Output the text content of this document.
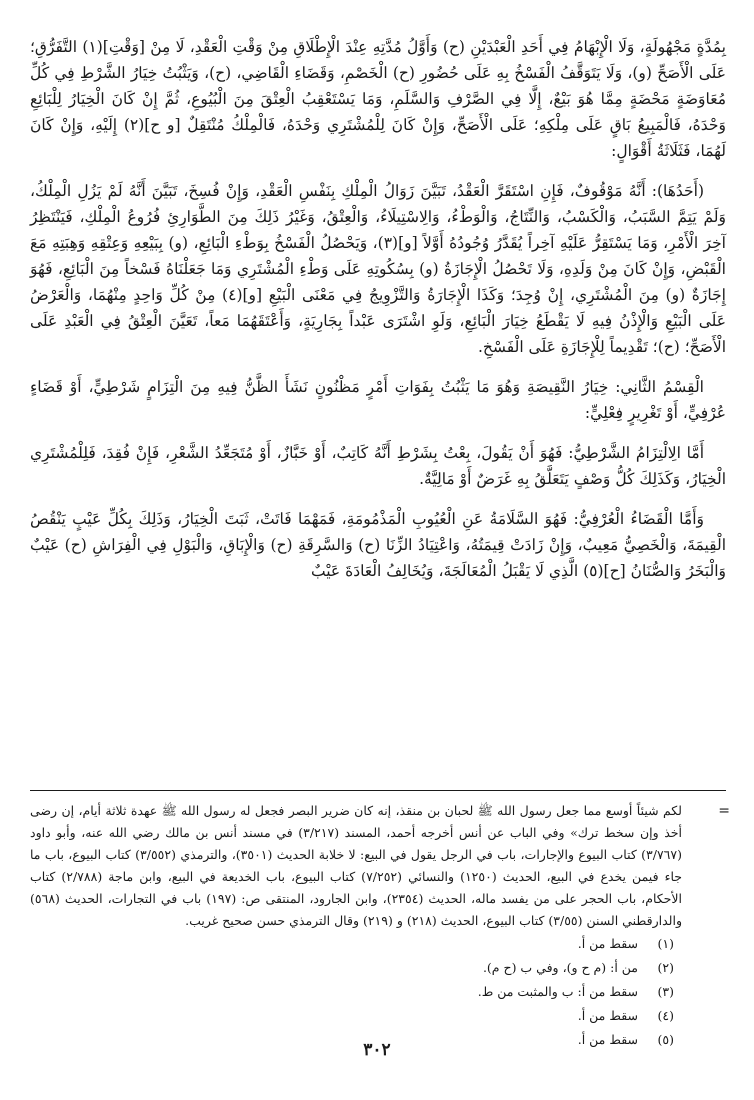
بِمُدَّةٍ مَجْهُولَةٍ، وَلَا الْإِبْهَامُ فِي أَحَدِ الْعَبْدَيْنِ (ح) وَأَوَّلُ مُدَّتِهِ عِنْدَ الْإِطْلَاقِ مِنْ وَقْتِ الْعَقْدِ، لَا مِنْ [وَقْتِ](١) التَّفَرُّقِ؛ عَلَى الْأَصَحِّ (و)، وَلَا يَتَوَقَّفُ الْفَسْخُ بِهِ عَلَى حُضُورِ (ح) الْخَصْمِ، وَقَضَاءِ الْقَاضِي، (ح)، وَيَثْبُتُ خِيَارُ الشَّرْطِ فِي كُلِّ مُعَاوَضَةٍ مَحْضَةٍ مِمَّا هُوَ بَيْعٌ، إِلَّا فِي الصَّرْفِ وَالسَّلَمِ، وَمَا يَسْتَعْقِبُ الْعِتْقَ مِنَ الْبُيُوعِ، ثُمَّ إِنْ كَانَ الْخِيَارُ لِلْبَائِعِ وَحْدَهُ، فَالْمَبِيعُ بَاقٍ عَلَى مِلْكِهِ؛ عَلَى الْأَصَحِّ، وَإِنْ كَانَ لِلْمُشْتَرِي وَحْدَهُ، فَالْمِلْكُ مُنْتَقِلٌ [و ح](٢) إِلَيْهِ، وَإِنْ كَانَ لَهُمَا، فَثَلَاثَةُ أَقْوَالٍ:

(أَحَدُهَا): أَنَّهُ مَوْقُوفٌ، فَإِنِ اسْتَقَرَّ الْعَقْدُ، تَبَيَّنَ زَوَالُ الْمِلْكِ بِنَفْسِ الْعَقْدِ، وَإِنْ فُسِخَ، تَبَيَّنَ أَنَّهُ لَمْ يَزُلِ الْمِلْكُ، وَلَمْ يَتِمَّ السَّبَبُ، وَالْكَسْبُ، وَالنِّتَاجُ، وَالْوَطْءُ، وَالِاسْتِيلَاءُ، وَالْعِتْقُ، وَغَيْرُ ذَلِكَ مِنَ الطَّوَارِئِ فُرُوعُ الْمِلْكِ، فَيَنْتَظِرُ آخِرَ الْأَمْرِ، وَمَا يَسْتَقِرُّ عَلَيْهِ آخِراً يُقَدَّرُ وُجُودُهُ أَوَّلاً [و](٣)، وَيَحْصُلُ الْفَسْخُ بِوَطْءِ الْبَائِعِ، (و) بِبَيْعِهِ وَعِتْقِهِ وَهِبَتِهِ مَعَ الْقَبْضِ، وَإِنْ كَانَ مِنْ وَلَدِهِ، وَلَا تَحْصُلُ الْإِجَازَةُ (و) بِسُكُوتِهِ عَلَى وَطْءِ الْمُشْتَرِي وَمَا جَعَلْنَاهُ فَسْخاً مِنَ الْبَائِعِ، فَهُوَ إِجَازَةٌ (و) مِنَ الْمُشْتَرِي، إِنْ وُجِدَ؛ وَكَذَا الْإِجَارَةُ وَالتَّزْوِيجُ فِي مَعْنَى الْبَيْعِ [و](٤) مِنْ كُلِّ وَاحِدٍ مِنْهُمَا، وَالْعَرْضُ عَلَى الْبَيْعِ وَالْإِذْنُ فِيهِ لَا يَقْطَعُ خِيَارَ الْبَائِعِ، وَلَوِ اشْتَرَى عَبْداً بِجَارِيَةٍ، وَأَعْتَقَهُمَا مَعاً، تَعَيَّنَ الْعِتْقُ فِي الْعَبْدِ عَلَى الْأَصَحِّ؛ (ح)؛ تَقْدِيماً لِلْإِجَازَةِ عَلَى الْفَسْخِ.

الْقِسْمُ الثَّانِي: خِيَارُ النَّقِيصَةِ وَهُوَ مَا يَثْبُتُ بِفَوَاتِ أَمْرٍ مَظْنُونٍ نَشَأَ الظَّنُّ فِيهِ مِنَ الْتِزَامٍ شَرْطِيٍّ، أَوْ قَضَاءٍ عُرْفِيٍّ، أَوْ تَغْرِيرٍ فِعْلِيٍّ:

أَمَّا الِالْتِزَامُ الشَّرْطِيُّ: فَهُوَ أَنْ يَقُولَ، بِعْتُ بِشَرْطِ أَنَّهُ كَاتِبٌ، أَوْ خَبَّازٌ، أَوْ مُتَجَعِّدُ الشَّعْرِ، فَإِنْ فُقِدَ، فَلِلْمُشْتَرِي الْخِيَارُ، وَكَذَلِكَ كُلُّ وَصْفٍ يَتَعَلَّقُ بِهِ غَرَضٌ أَوْ مَالِيَّةٌ.

وَأَمَّا الْقَضَاءُ الْعُرْفِيُّ: فَهُوَ السَّلَامَةُ عَنِ الْعُيُوبِ الْمَذْمُومَةِ، فَمَهْمَا فَاتَتْ، ثَبَتَ الْخِيَارُ، وَذَلِكَ بِكُلِّ عَيْبٍ يَنْقُصُ الْقِيمَةَ، وَالْخَصِيُّ مَعِيبٌ، وَإِنْ زَادَتْ قِيمَتُهُ، وَاعْتِيَادُ الزِّنَا (ح) وَالسَّرِقَةِ (ح) وَالْإِبَاقِ، وَالْبَوْلِ فِي الْفِرَاشِ (ح) عَيْبٌ وَالْبَخَرُ وَالصُّنَانُ [ح](٥) الَّذِي لَا يَقْبَلُ الْمُعَالَجَةَ، وَيُخَالِفُ الْعَادَةَ عَيْبٌ

=
لكم شيئاً أوسع مما جعل رسول الله ﷺ لحبان بن منقذ، إنه كان ضرير البصر فجعل له رسول الله ﷺ عهدة ثلاثة أيام، إن رضى أخذ وإن سخط ترك» وفي الباب عن أنس أخرجه أحمد، المسند (٣/٢١٧) في مسند أنس بن مالك رضي الله عنه، وأبو داود (٣/٧٦٧) كتاب البيوع والإجارات، باب في الرجل يقول في البيع: لا خلابة الحديث (٣٥٠١)، والترمذي (٣/٥٥٢) كتاب البيوع، باب ما جاء فيمن يخدع في البيع، الحديث (١٢٥٠) والنسائي (٧/٢٥٢) كتاب البيوع، باب الخديعة في البيع، وابن ماجة (٢/٧٨٨) كتاب الأحكام، باب الحجر على من يفسد ماله، الحديث (٢٣٥٤)، وابن الجارود، المنتقى ص: (١٩٧) باب في التجارات، الحديث (٥٦٨) والدارقطني السنن (٣/٥٥) كتاب البيوع، الحديث (٢١٨) و (٢١٩) وقال الترمذي حسن صحيح غريب.

(١)
سقط من أ.
(٢)
من أ: (م ح و)، وفي ب (ح م).
(٣)
سقط من أ: ب والمثبت من ط.
(٤)
سقط من أ.
(٥)
سقط من أ.
٣٠٢
